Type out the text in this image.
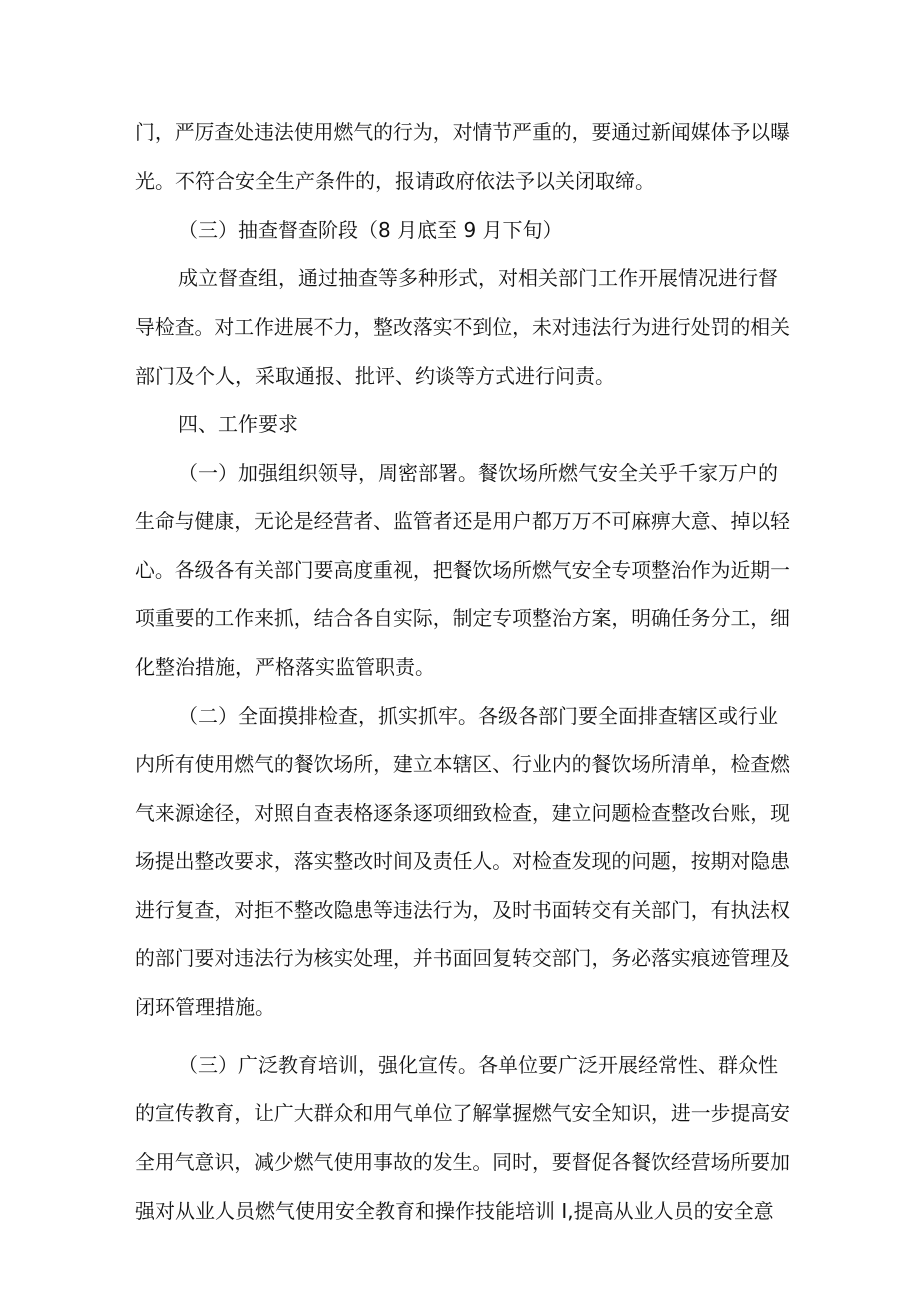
门，严厉查处违法使用燃气的行为，对情节严重的，要通过新闻媒体予以曝
光。不符合安全生产条件的，报请政府依法予以关闭取缔。
（三）抽查督查阶段（8 月底至 9 月下旬）
成立督查组，通过抽查等多种形式，对相关部门工作开展情况进行督
导检查。对工作进展不力，整改落实不到位，未对违法行为进行处罚的相关
部门及个人，采取通报、批评、约谈等方式进行问责。
四、工作要求
（一）加强组织领导，周密部署。餐饮场所燃气安全关乎千家万户的
生命与健康，无论是经营者、监管者还是用户都万万不可麻痹大意、掉以轻
心。各级各有关部门要高度重视，把餐饮场所燃气安全专项整治作为近期一
项重要的工作来抓，结合各自实际，制定专项整治方案，明确任务分工，细
化整治措施，严格落实监管职责。
（二）全面摸排检查，抓实抓牢。各级各部门要全面排查辖区或行业
内所有使用燃气的餐饮场所，建立本辖区、行业内的餐饮场所清单，检查燃
气来源途径，对照自查表格逐条逐项细致检查，建立问题检查整改台账，现
场提出整改要求，落实整改时间及责任人。对检查发现的问题，按期对隐患
进行复查，对拒不整改隐患等违法行为，及时书面转交有关部门，有执法权
的部门要对违法行为核实处理，并书面回复转交部门，务必落实痕迹管理及
闭环管理措施。
（三）广泛教育培训，强化宣传。各单位要广泛开展经常性、群众性
的宣传教育，让广大群众和用气单位了解掌握燃气安全知识，进一步提高安
全用气意识，减少燃气使用事故的发生。同时，要督促各餐饮经营场所要加
强对从业人员燃气使用安全教育和操作技能培训 I,提高从业人员的安全意
